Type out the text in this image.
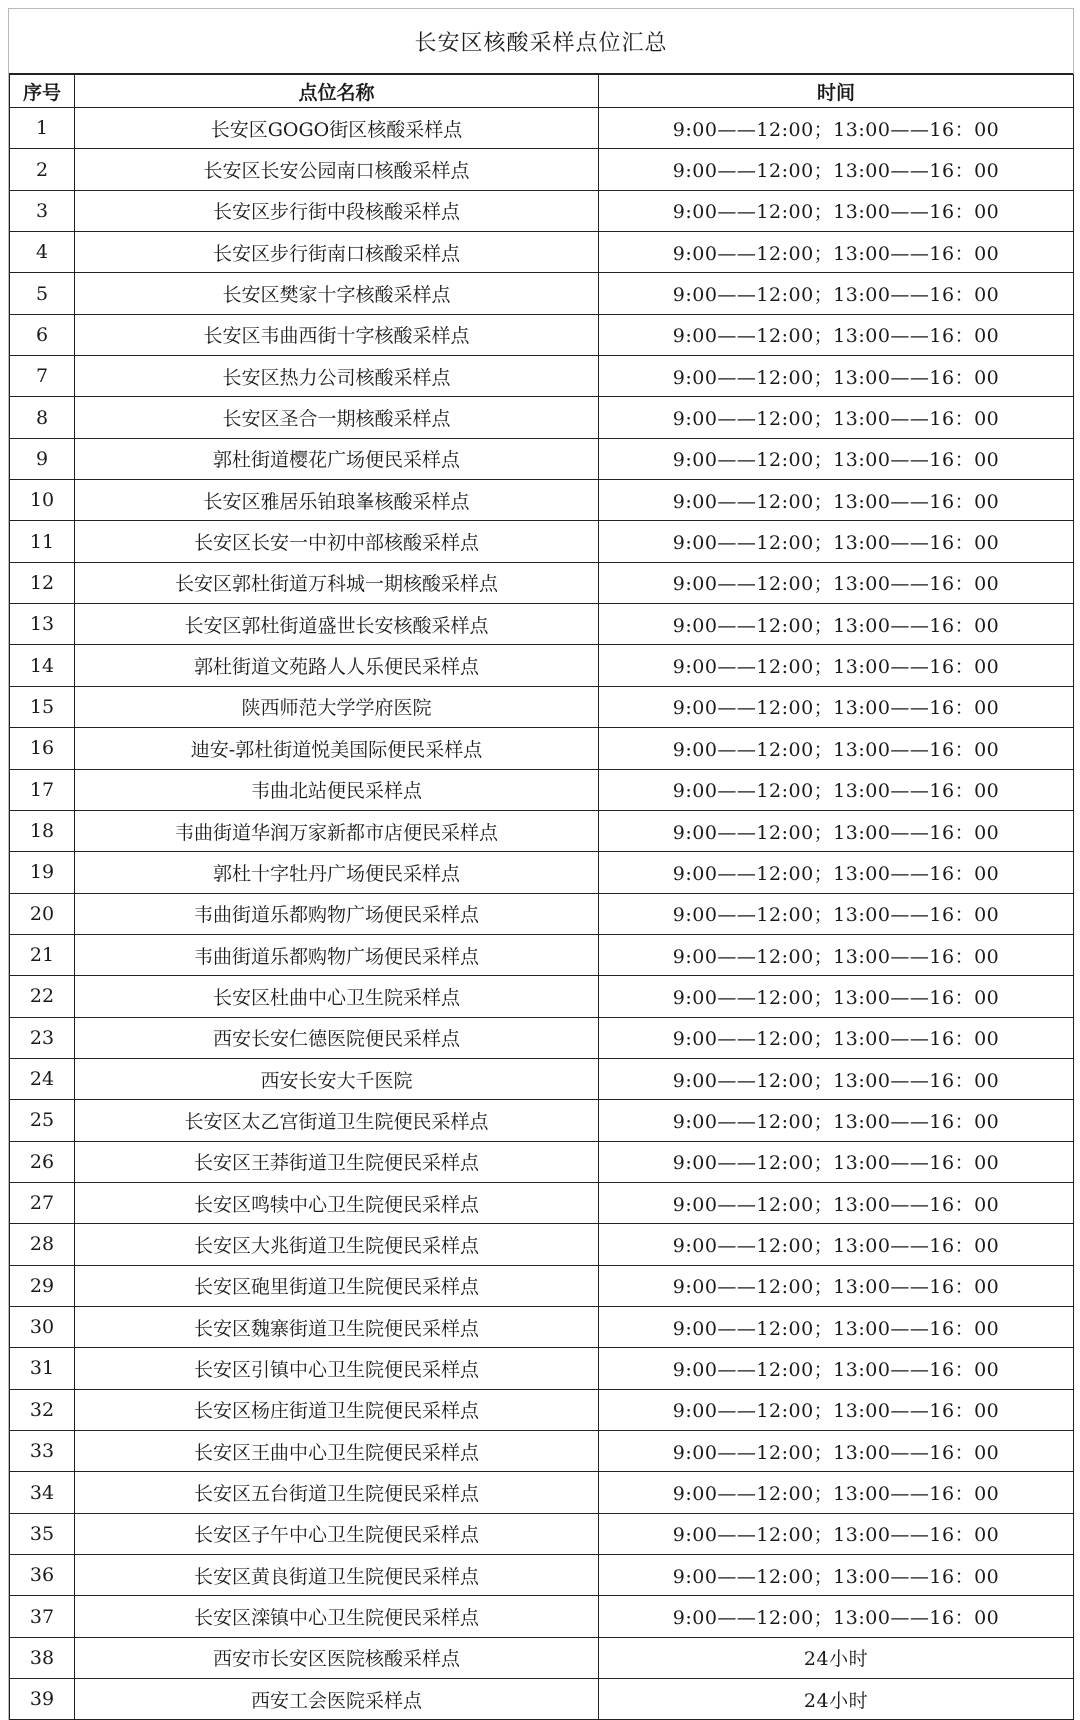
长安区核酸采样点位汇总
序号	点位名称	时间
1	长安区GOGO街区核酸采样点	9:00——12:00；13:00——16：00
2	长安区长安公园南口核酸采样点	9:00——12:00；13:00——16：00
3	长安区步行街中段核酸采样点	9:00——12:00；13:00——16：00
4	长安区步行街南口核酸采样点	9:00——12:00；13:00——16：00
5	长安区樊家十字核酸采样点	9:00——12:00；13:00——16：00
6	长安区韦曲西街十字核酸采样点	9:00——12:00；13:00——16：00
7	长安区热力公司核酸采样点	9:00——12:00；13:00——16：00
8	长安区圣合一期核酸采样点	9:00——12:00；13:00——16：00
9	郭杜街道樱花广场便民采样点	9:00——12:00；13:00——16：00
10	长安区雅居乐铂琅峯核酸采样点	9:00——12:00；13:00——16：00
11	长安区长安一中初中部核酸采样点	9:00——12:00；13:00——16：00
12	长安区郭杜街道万科城一期核酸采样点	9:00——12:00；13:00——16：00
13	长安区郭杜街道盛世长安核酸采样点	9:00——12:00；13:00——16：00
14	郭杜街道文苑路人人乐便民采样点	9:00——12:00；13:00——16：00
15	陕西师范大学学府医院	9:00——12:00；13:00——16：00
16	迪安-郭杜街道悦美国际便民采样点	9:00——12:00；13:00——16：00
17	韦曲北站便民采样点	9:00——12:00；13:00——16：00
18	韦曲街道华润万家新都市店便民采样点	9:00——12:00；13:00——16：00
19	郭杜十字牡丹广场便民采样点	9:00——12:00；13:00——16：00
20	韦曲街道乐都购物广场便民采样点	9:00——12:00；13:00——16：00
21	韦曲街道乐都购物广场便民采样点	9:00——12:00；13:00——16：00
22	长安区杜曲中心卫生院采样点	9:00——12:00；13:00——16：00
23	西安长安仁德医院便民采样点	9:00——12:00；13:00——16：00
24	西安长安大千医院	9:00——12:00；13:00——16：00
25	长安区太乙宫街道卫生院便民采样点	9:00——12:00；13:00——16：00
26	长安区王莽街道卫生院便民采样点	9:00——12:00；13:00——16：00
27	长安区鸣犊中心卫生院便民采样点	9:00——12:00；13:00——16：00
28	长安区大兆街道卫生院便民采样点	9:00——12:00；13:00——16：00
29	长安区砲里街道卫生院便民采样点	9:00——12:00；13:00——16：00
30	长安区魏寨街道卫生院便民采样点	9:00——12:00；13:00——16：00
31	长安区引镇中心卫生院便民采样点	9:00——12:00；13:00——16：00
32	长安区杨庄街道卫生院便民采样点	9:00——12:00；13:00——16：00
33	长安区王曲中心卫生院便民采样点	9:00——12:00；13:00——16：00
34	长安区五台街道卫生院便民采样点	9:00——12:00；13:00——16：00
35	长安区子午中心卫生院便民采样点	9:00——12:00；13:00——16：00
36	长安区黄良街道卫生院便民采样点	9:00——12:00；13:00——16：00
37	长安区滦镇中心卫生院便民采样点	9:00——12:00；13:00——16：00
38	西安市长安区医院核酸采样点	24小时
39	西安工会医院采样点	24小时
